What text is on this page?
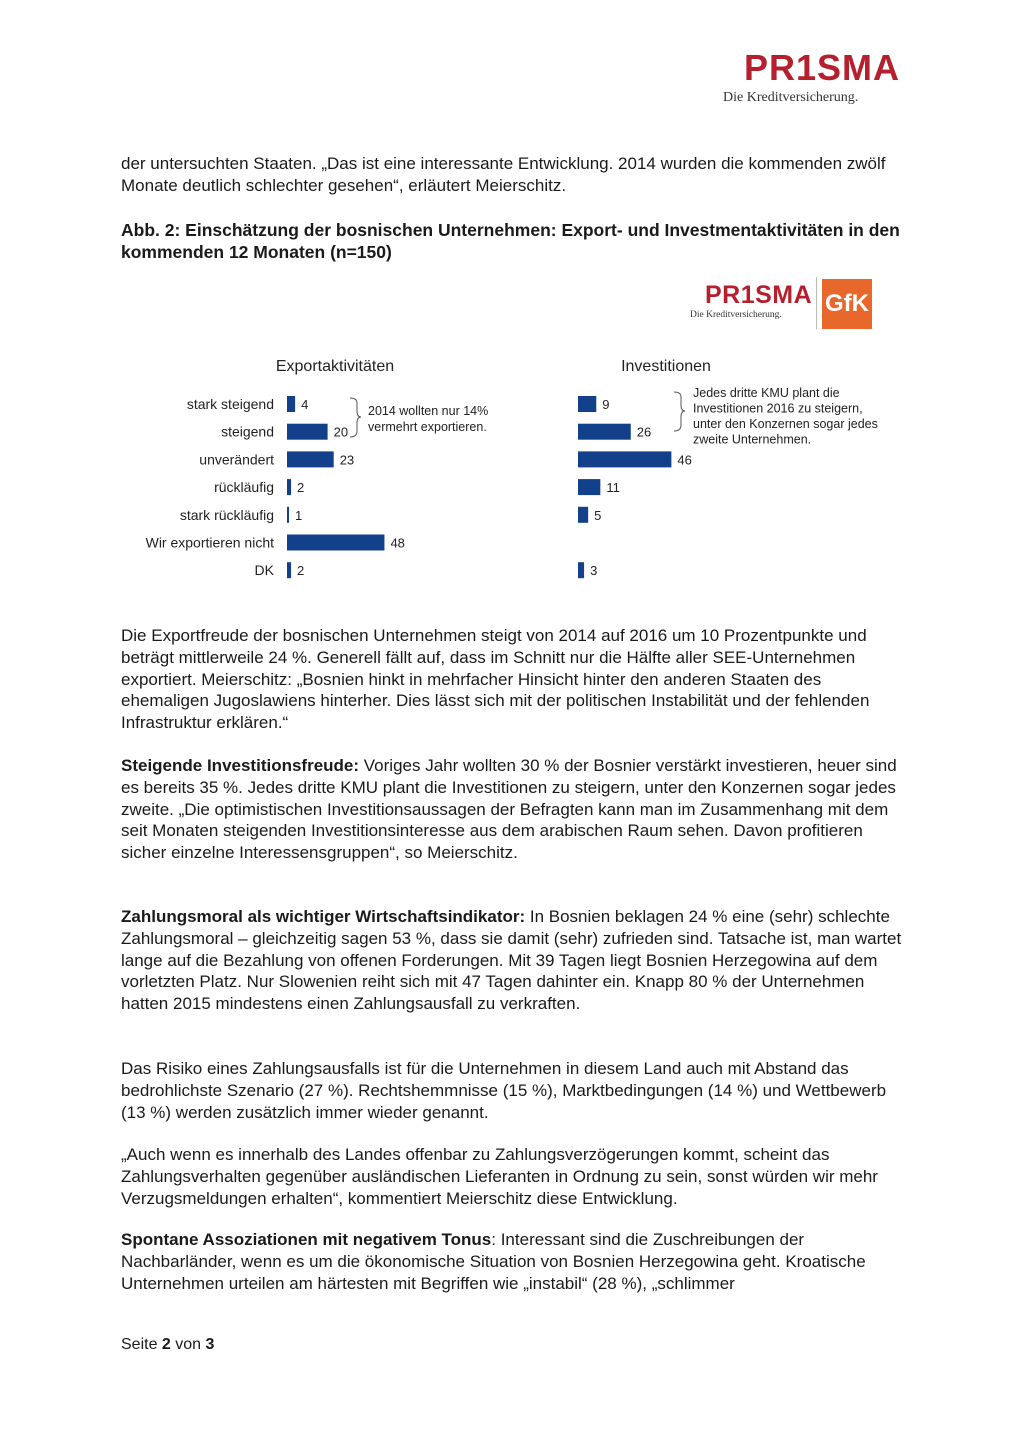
PR1SMA
Die Kreditversicherung.

der untersuchten Staaten. „Das ist eine interessante Entwicklung. 2014 wurden die kommenden zwölf Monate deutlich schlechter gesehen“, erläutert Meierschitz.

Abb. 2: Einschätzung der bosnischen Unternehmen: Export- und Investmentaktivitäten in den kommenden 12 Monaten (n=150)

PR1SMA
Die Kreditversicherung. GfK
Exportaktivitäten	Investitionen
stark steigend
steigend
unverändert
rückläufig
stark rückläufig
Wir exportieren nicht
DK
4
20
23
2
1
48
2
9
26
46
11
5
3
2014 wollten nur 14%
vermehrt exportieren.
Jedes dritte KMU plant die
Investitionen 2016 zu steigern,
unter den Konzernen sogar jedes
zweite Unternehmen.

Die Exportfreude der bosnischen Unternehmen steigt von 2014 auf 2016 um 10 Prozentpunkte und beträgt mittlerweile 24 %. Generell fällt auf, dass im Schnitt nur die Hälfte aller SEE-Unternehmen exportiert. Meierschitz: „Bosnien hinkt in mehrfacher Hinsicht hinter den anderen Staaten des ehemaligen Jugoslawiens hinterher. Dies lässt sich mit der politischen Instabilität und der fehlenden Infrastruktur erklären.“

Steigende Investitionsfreude: Voriges Jahr wollten 30 % der Bosnier verstärkt investieren, heuer sind es bereits 35 %. Jedes dritte KMU plant die Investitionen zu steigern, unter den Konzernen sogar jedes zweite. „Die optimistischen Investitionsaussagen der Befragten kann man im Zusammenhang mit dem seit Monaten steigenden Investitionsinteresse aus dem arabischen Raum sehen. Davon profitieren sicher einzelne Interessensgruppen“, so Meierschitz.

Zahlungsmoral als wichtiger Wirtschaftsindikator: In Bosnien beklagen 24 % eine (sehr) schlechte Zahlungsmoral – gleichzeitig sagen 53 %, dass sie damit (sehr) zufrieden sind. Tatsache ist, man wartet lange auf die Bezahlung von offenen Forderungen. Mit 39 Tagen liegt Bosnien Herzegowina auf dem vorletzten Platz. Nur Slowenien reiht sich mit 47 Tagen dahinter ein. Knapp 80 % der Unternehmen hatten 2015 mindestens einen Zahlungsausfall zu verkraften.

Das Risiko eines Zahlungsausfalls ist für die Unternehmen in diesem Land auch mit Abstand das bedrohlichste Szenario (27 %). Rechtshemmnisse (15 %), Marktbedingungen (14 %) und Wettbewerb (13 %) werden zusätzlich immer wieder genannt.

„Auch wenn es innerhalb des Landes offenbar zu Zahlungsverzögerungen kommt, scheint das Zahlungsverhalten gegenüber ausländischen Lieferanten in Ordnung zu sein, sonst würden wir mehr Verzugsmeldungen erhalten“, kommentiert Meierschitz diese Entwicklung.

Spontane Assoziationen mit negativem Tonus: Interessant sind die Zuschreibungen der Nachbarländer, wenn es um die ökonomische Situation von Bosnien Herzegowina geht. Kroatische Unternehmen urteilen am härtesten mit Begriffen wie „instabil“ (28 %), „schlimmer

Seite 2 von 3
